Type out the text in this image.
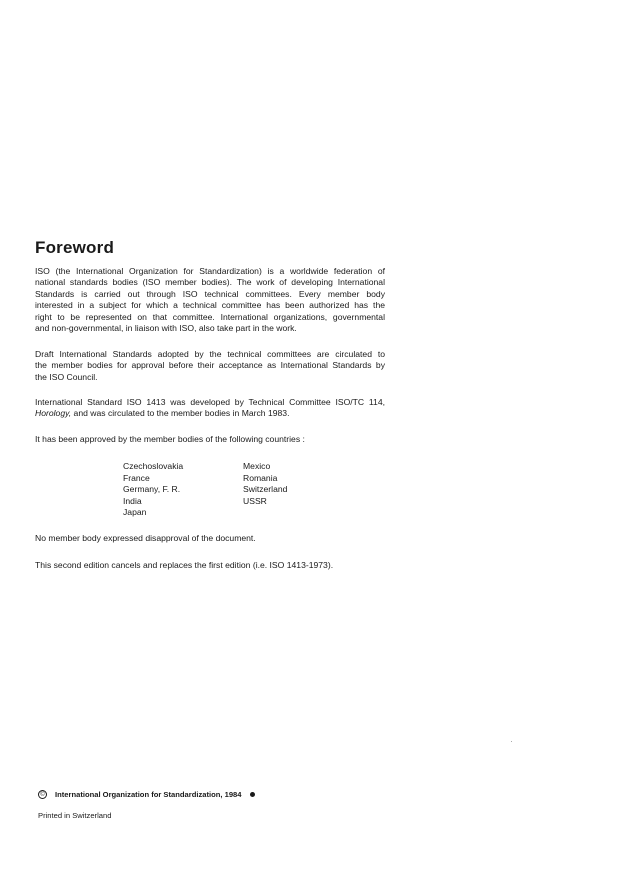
Foreword
ISO (the International Organization for Standardization) is a worldwide federation of
national standards bodies (ISO member bodies). The work of developing International
Standards is carried out through ISO technical committees. Every member body
interested in a subject for which a technical committee has been authorized has the
right to be represented on that committee. International organizations, governmental
and non-governmental, in liaison with ISO, also take part in the work.
Draft International Standards adopted by the technical committees are circulated to
the member bodies for approval before their acceptance as International Standards by
the ISO Council.
International Standard ISO 1413 was developed by Technical Committee ISO/TC 114,
Horology, and was circulated to the member bodies in March 1983.
It has been approved by the member bodies of the following countries :
Czechoslovakia
France
Germany, F. R.
India
Japan
Mexico
Romania
Switzerland
USSR
No member body expressed disapproval of the document.
This second edition cancels and replaces the first edition (i.e. ISO 1413-1973).
©	International Organization for Standardization, 1984
Printed in Switzerland
